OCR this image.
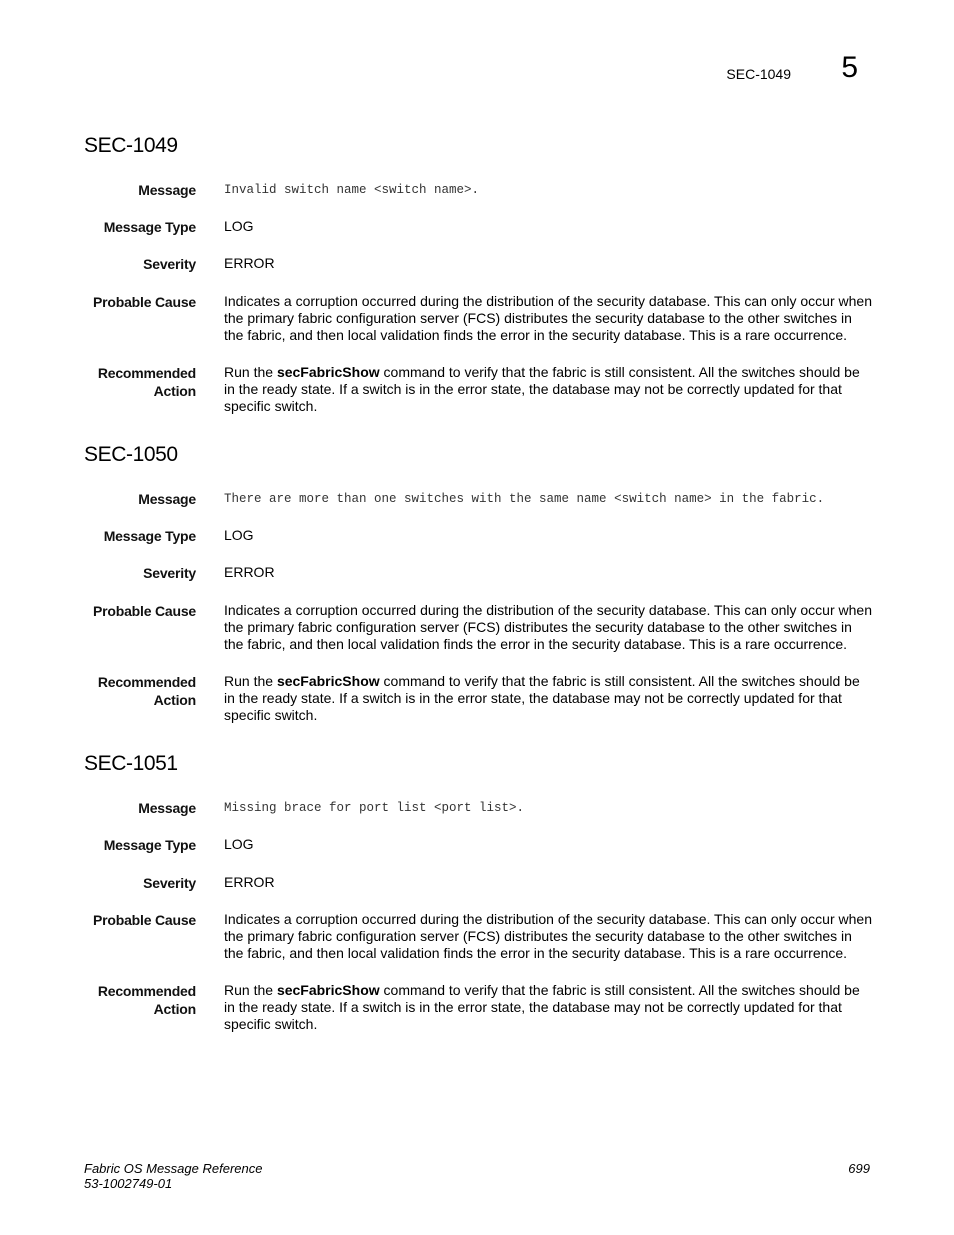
SEC-1049 5
SEC-1049
Message Invalid switch name <switch name>.
Message Type LOG
Severity ERROR
Probable Cause Indicates a corruption occurred during the distribution of the security database. This can only occur when the primary fabric configuration server (FCS) distributes the security database to the other switches in the fabric, and then local validation finds the error in the security database. This is a rare occurrence.
Recommended
Action
Run the secFabricShow command to verify that the fabric is still consistent. All the switches should be in the ready state. If a switch is in the error state, the database may not be correctly updated for that specific switch.
SEC-1050
Message There are more than one switches with the same name <switch name> in the fabric.
Message Type LOG
Severity ERROR
Probable Cause Indicates a corruption occurred during the distribution of the security database. This can only occur when the primary fabric configuration server (FCS) distributes the security database to the other switches in the fabric, and then local validation finds the error in the security database. This is a rare occurrence.
Recommended
Action
Run the secFabricShow command to verify that the fabric is still consistent. All the switches should be in the ready state. If a switch is in the error state, the database may not be correctly updated for that specific switch.
SEC-1051
Message Missing brace for port list <port list>.
Message Type LOG
Severity ERROR
Probable Cause Indicates a corruption occurred during the distribution of the security database. This can only occur when the primary fabric configuration server (FCS) distributes the security database to the other switches in the fabric, and then local validation finds the error in the security database. This is a rare occurrence.
Recommended
Action
Run the secFabricShow command to verify that the fabric is still consistent. All the switches should be in the ready state. If a switch is in the error state, the database may not be correctly updated for that specific switch.
Fabric OS Message Reference
53-1002749-01
699
